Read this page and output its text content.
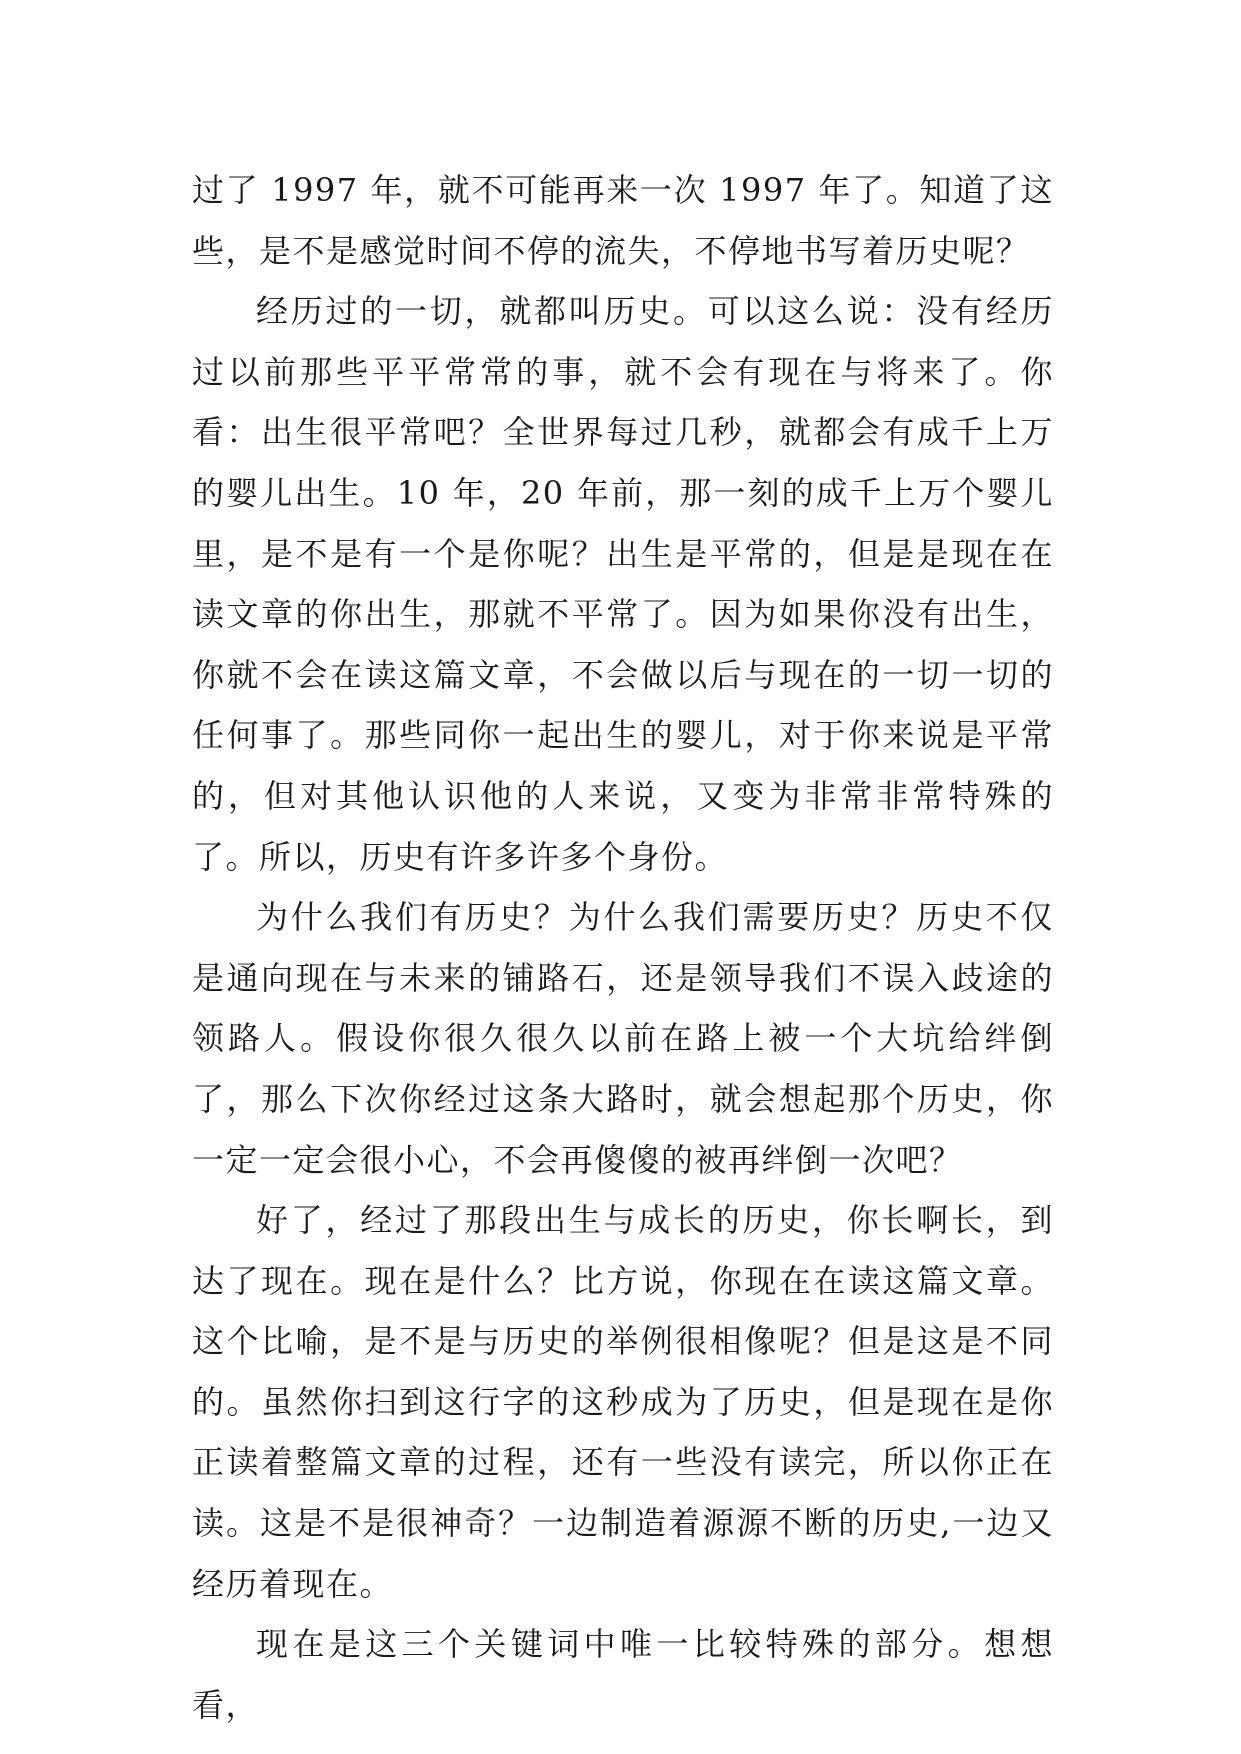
过了 1997 年，就不可能再来一次 1997 年了。知道了这些，是不是感觉时间不停的流失，不停地书写着历史呢？

经历过的一切，就都叫历史。可以这么说：没有经历过以前那些平平常常的事，就不会有现在与将来了。你看：出生很平常吧？全世界每过几秒，就都会有成千上万的婴儿出生。10 年，20 年前，那一刻的成千上万个婴儿里，是不是有一个是你呢？出生是平常的，但是是现在在读文章的你出生，那就不平常了。因为如果你没有出生，你就不会在读这篇文章，不会做以后与现在的一切一切的任何事了。那些同你一起出生的婴儿，对于你来说是平常的，但对其他认识他的人来说，又变为非常非常特殊的了。所以，历史有许多许多个身份。

为什么我们有历史？为什么我们需要历史？历史不仅是通向现在与未来的铺路石，还是领导我们不误入歧途的领路人。假设你很久很久以前在路上被一个大坑给绊倒了，那么下次你经过这条大路时，就会想起那个历史，你一定一定会很小心，不会再傻傻的被再绊倒一次吧？

好了，经过了那段出生与成长的历史，你长啊长，到达了现在。现在是什么？比方说，你现在在读这篇文章。这个比喻，是不是与历史的举例很相像呢？但是这是不同的。虽然你扫到这行字的这秒成为了历史，但是现在是你正读着整篇文章的过程，还有一些没有读完，所以你正在读。这是不是很神奇？一边制造着源源不断的历史,一边又经历着现在。

现在是这三个关键词中唯一比较特殊的部分。想想看，
